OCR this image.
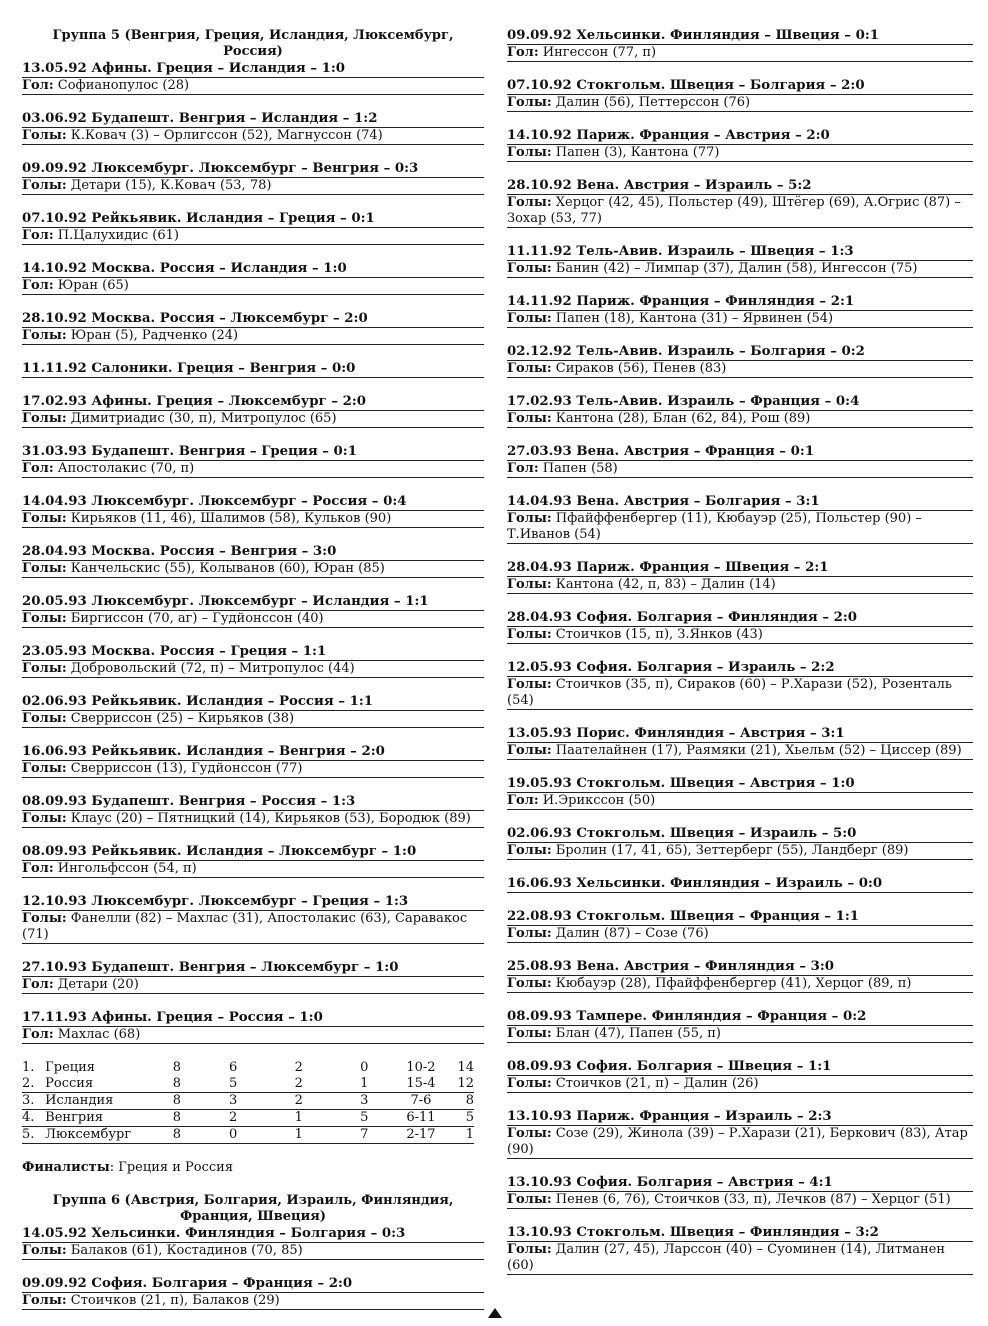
Группа 5 (Венгрия, Греция, Исландия, Люксембург, Россия)
13.05.92 Афины. Греция – Исландия – 1:0
Гол: Софианопулос (28)
03.06.92 Будапешт. Венгрия – Исландия – 1:2
Голы: К.Ковач (3) – Орлигссон (52), Магнуссон (74)
09.09.92 Люксембург. Люксембург – Венгрия – 0:3
Голы: Детари (15), К.Ковач (53, 78)
07.10.92 Рейкьявик. Исландия – Греция – 0:1
Гол: П.Цалухидис (61)
14.10.92 Москва. Россия – Исландия – 1:0
Гол: Юран (65)
28.10.92 Москва. Россия – Люксембург – 2:0
Голы: Юран (5), Радченко (24)
11.11.92 Салоники. Греция – Венгрия – 0:0
17.02.93 Афины. Греция – Люксембург – 2:0
Голы: Димитриадис (30, п), Митропулос (65)
31.03.93 Будапешт. Венгрия – Греция – 0:1
Гол: Апостолакис (70, п)
14.04.93 Люксембург. Люксембург – Россия – 0:4
Голы: Кирьяков (11, 46), Шалимов (58), Кульков (90)
28.04.93 Москва. Россия – Венгрия – 3:0
Голы: Канчельскис (55), Колыванов (60), Юран (85)
20.05.93 Люксембург. Люксембург – Исландия – 1:1
Голы: Биргиссон (70, аг) – Гудйонссон (40)
23.05.93 Москва. Россия – Греция – 1:1
Голы: Добровольский (72, п) – Митропулос (44)
02.06.93 Рейкьявик. Исландия – Россия – 1:1
Голы: Сверриссон (25) – Кирьяков (38)
16.06.93 Рейкьявик. Исландия – Венгрия – 2:0
Голы: Сверриссон (13), Гудйонссон (77)
08.09.93 Будапешт. Венгрия – Россия – 1:3
Голы: Клаус (20) – Пятницкий (14), Кирьяков (53), Бородюк (89)
08.09.93 Рейкьявик. Исландия – Люксембург – 1:0
Гол: Ингольфссон (54, п)
12.10.93 Люксембург. Люксембург – Греция – 1:3
Голы: Фанелли (82) – Махлас (31), Апостолакис (63), Саравакос (71)
27.10.93 Будапешт. Венгрия – Люксембург – 1:0
Гол: Детари (20)
17.11.93 Афины. Греция – Россия – 1:0
Гол: Махлас (68)
1.	Греция	8	6	2	0	10-2	14
2.	Россия	8	5	2	1	15-4	12
3.	Исландия	8	3	2	3	7-6	8
4.	Венгрия	8	2	1	5	6-11	5
5.	Люксембург	8	0	1	7	2-17	1
Финалисты: Греция и Россия
Группа 6 (Австрия, Болгария, Израиль, Финляндия, Франция, Швеция)
14.05.92 Хельсинки. Финляндия – Болгария – 0:3
Голы: Балаков (61), Костадинов (70, 85)
09.09.92 София. Болгария – Франция – 2:0
Голы: Стоичков (21, п), Балаков (29)
09.09.92 Хельсинки. Финляндия – Швеция – 0:1
Гол: Ингессон (77, п)
07.10.92 Стокгольм. Швеция – Болгария – 2:0
Голы: Далин (56), Петтерссон (76)
14.10.92 Париж. Франция – Австрия – 2:0
Голы: Папен (3), Кантона (77)
28.10.92 Вена. Австрия – Израиль – 5:2
Голы: Херцог (42, 45), Польстер (49), Штёгер (69), А.Огрис (87) – Зохар (53, 77)
11.11.92 Тель-Авив. Израиль – Швеция – 1:3
Голы: Банин (42) – Лимпар (37), Далин (58), Ингессон (75)
14.11.92 Париж. Франция – Финляндия – 2:1
Голы: Папен (18), Кантона (31) – Ярвинен (54)
02.12.92 Тель-Авив. Израиль – Болгария – 0:2
Голы: Сираков (56), Пенев (83)
17.02.93 Тель-Авив. Израиль – Франция – 0:4
Голы: Кантона (28), Блан (62, 84), Рош (89)
27.03.93 Вена. Австрия – Франция – 0:1
Гол: Папен (58)
14.04.93 Вена. Австрия – Болгария – 3:1
Голы: Пфайффенбергер (11), Кюбауэр (25), Польстер (90) – Т.Иванов (54)
28.04.93 Париж. Франция – Швеция – 2:1
Голы: Кантона (42, п, 83) – Далин (14)
28.04.93 София. Болгария – Финляндия – 2:0
Голы: Стоичков (15, п), З.Янков (43)
12.05.93 София. Болгария – Израиль – 2:2
Голы: Стоичков (35, п), Сираков (60) – Р.Харази (52), Розенталь (54)
13.05.93 Порис. Финляндия – Австрия – 3:1
Голы: Паателайнен (17), Раямяки (21), Хьельм (52) – Циссер (89)
19.05.93 Стокгольм. Швеция – Австрия – 1:0
Гол: И.Эрикссон (50)
02.06.93 Стокгольм. Швеция – Израиль – 5:0
Голы: Бролин (17, 41, 65), Зеттерберг (55), Ландберг (89)
16.06.93 Хельсинки. Финляндия – Израиль – 0:0
22.08.93 Стокгольм. Швеция – Франция – 1:1
Голы: Далин (87) – Созе (76)
25.08.93 Вена. Австрия – Финляндия – 3:0
Голы: Кюбауэр (28), Пфайффенбергер (41), Херцог (89, п)
08.09.93 Тампере. Финляндия – Франция – 0:2
Голы: Блан (47), Папен (55, п)
08.09.93 София. Болгария – Швеция – 1:1
Голы: Стоичков (21, п) – Далин (26)
13.10.93 Париж. Франция – Израиль – 2:3
Голы: Созе (29), Жинола (39) – Р.Харази (21), Беркович (83), Атар (90)
13.10.93 София. Болгария – Австрия – 4:1
Голы: Пенев (6, 76), Стоичков (33, п), Лечков (87) – Херцог (51)
13.10.93 Стокгольм. Швеция – Финляндия – 3:2
Голы: Далин (27, 45), Ларссон (40) – Суоминен (14), Литманен (60)
